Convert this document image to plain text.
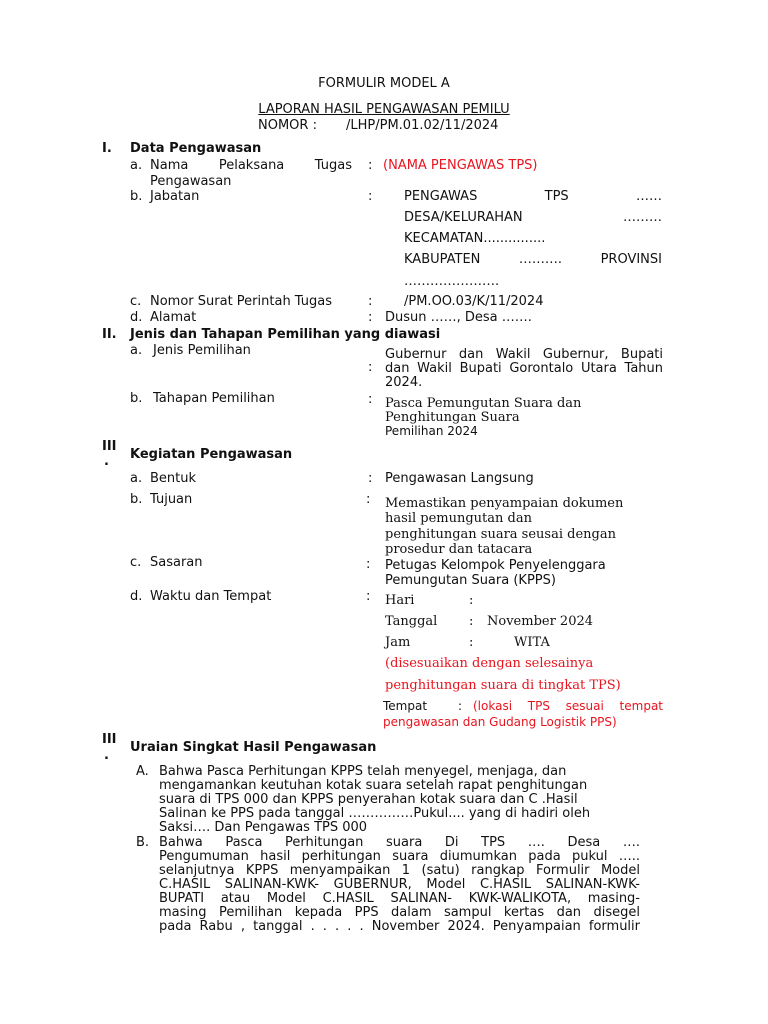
FORMULIR MODEL A
LAPORAN HASIL PENGAWASAN PEMILU
NOMOR : /LHP/PM.01.02/11/2024
I. Data Pengawasan
a. Nama Pelaksana Tugas
Pengawasan
: (NAMA PENGAWAS TPS)
b. Jabatan	: PENGAWAS TPS ……
DESA/KELURAHAN ………
KECAMATAN...............
KABUPATEN ………. PROVINSI
………………….
c. Nomor Surat Perintah Tugas	: /PM.OO.03/K/11/2024
d. Alamat	: Dusun ……, Desa …….
II. Jenis dan Tahapan Pemilihan yang diawasi
a. Jenis Pemilihan
:
Gubernur dan Wakil Gubernur, Bupati
dan Wakil Bupati Gorontalo Utara Tahun
2024.
b. Tahapan Pemilihan	: Pasca Pemungutan Suara dan
Penghitungan Suara
Pemilihan 2024
III
. Kegiatan Pengawasan
a. Bentuk	: Pengawasan Langsung
b. Tujuan	: Memastikan penyampaian dokumen
hasil pemungutan dan
penghitungan suara seusai dengan
prosedur dan tatacara
c. Sasaran	: Petugas Kelompok Penyelenggara
Pemungutan Suara (KPPS)
d. Waktu dan Tempat	: Hari	:
Tanggal : November 2024
Jam	:	WITA
(disesuaikan dengan selesainya
penghitungan suara di tingkat TPS)
Tempat	: (lokasi TPS sesuai tempat
pengawasan dan Gudang Logistik PPS)
III
.
Uraian Singkat Hasil Pengawasan
A. Bahwa Pasca Perhitungan KPPS telah menyegel, menjaga, dan
mengamankan keutuhan kotak suara setelah rapat penghitungan
suara di TPS 000 dan KPPS penyerahan kotak suara dan C .Hasil
Salinan ke PPS pada tanggal ……………Pukul.... yang di hadiri oleh
Saksi…. Dan Pengawas TPS 000
B. Bahwa Pasca Perhitungan suara Di TPS …. Desa ….
Pengumuman hasil perhitungan suara diumumkan pada pukul …..
selanjutnya KPPS menyampaikan 1 (satu) rangkap Formulir Model
C.HASIL SALINAN-KWK- GUBERNUR, Model C.HASIL SALINAN-KWK-
BUPATI atau Model C.HASIL SALINAN- KWK-WALIKOTA, masing-
masing Pemilihan kepada PPS dalam sampul kertas dan disegel
pada Rabu , tanggal . . . . . November 2024. Penyampaian formulir
